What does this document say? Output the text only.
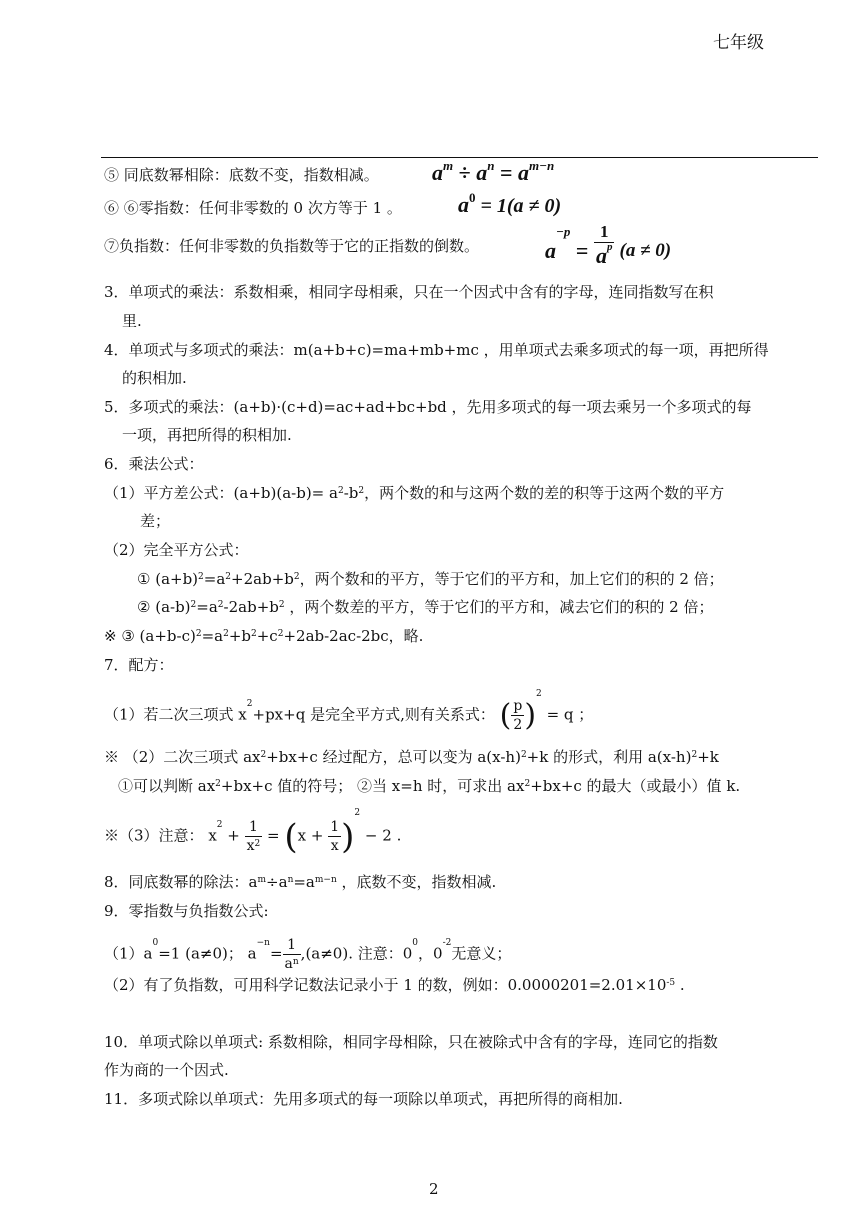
七年级
⑤ 同底数幂相除：底数不变，指数相减。 $a^m \div a^n = a^{m-n}$
⑥ ⑥零指数：任何非零数的 0 次方等于 1 。	$a^0 = 1(a \ne 0)$
⑦负指数：任何非零数的负指数等于它的正指数的倒数。	$a^{-p} = \frac{1}{a^p} (a \ne 0)$
3．单项式的乘法：系数相乘，相同字母相乘，只在一个因式中含有的字母，连同指数写在积
里.
4．单项式与多项式的乘法：m(a+b+c)=ma+mb+mc ，用单项式去乘多项式的每一项，再把所得
的积相加.
5．多项式的乘法：(a+b)·(c+d)=ac+ad+bc+bd ，先用多项式的每一项去乘另一个多项式的每
一项，再把所得的积相加.
6．乘法公式：
（1）平方差公式：$(a+b)(a-b)= a^2-b^2$，两个数的和与这两个数的差的积等于这两个数的平方
差；
（2）完全平方公式：
① $(a+b)^2=a^2+2ab+b^2$，两个数和的平方，等于它们的平方和，加上它们的积的 2 倍；
② $(a-b)^2=a^2-2ab+b^2$ ，两个数差的平方，等于它们的平方和，减去它们的积的 2 倍；
※ ③ $(a+b-c)^2=a^2+b^2+c^2+2ab-2ac-2bc$，略.
7．配方：
（1）若二次三项式 $x^2+px+q$ 是完全平方式,则有关系式： ( $\frac{p}{2} )^2 = q$ ；
※ （2）二次三项式 $ax^2+bx+c$ 经过配方，总可以变为 $a(x-h)^2+k$ 的形式，利用 $a(x-h)^2+k$
①可以判断 $ax^2+bx+c$ 值的符号； ②当 x=h 时，可求出 $ax^2+bx+c$ 的最大（或最小）值 k.
※（3）注意： $x^2 + \frac{1}{x^2} = (x + \frac{1}{x} )^2 - 2$ .
8．同底数幂的除法：$a^m\div a^n=a^{m-n}$ ，底数不变，指数相减.
9．零指数与负指数公式:
$(1)a^0=1$ (a≠0)； $a^{-n}= \frac{1}{a^n} ,(a\ne 0)$. 注意：$0^0$，$0^{-2}$无意义；
（2）有了负指数，可用科学记数法记录小于 1 的数，例如：$0.0000201=2.01\times 10^{-5}$ .
10．单项式除以单项式: 系数相除，相同字母相除，只在被除式中含有的字母，连同它的指数
作为商的一个因式.
11．多项式除以单项式：先用多项式的每一项除以单项式，再把所得的商相加.
2
